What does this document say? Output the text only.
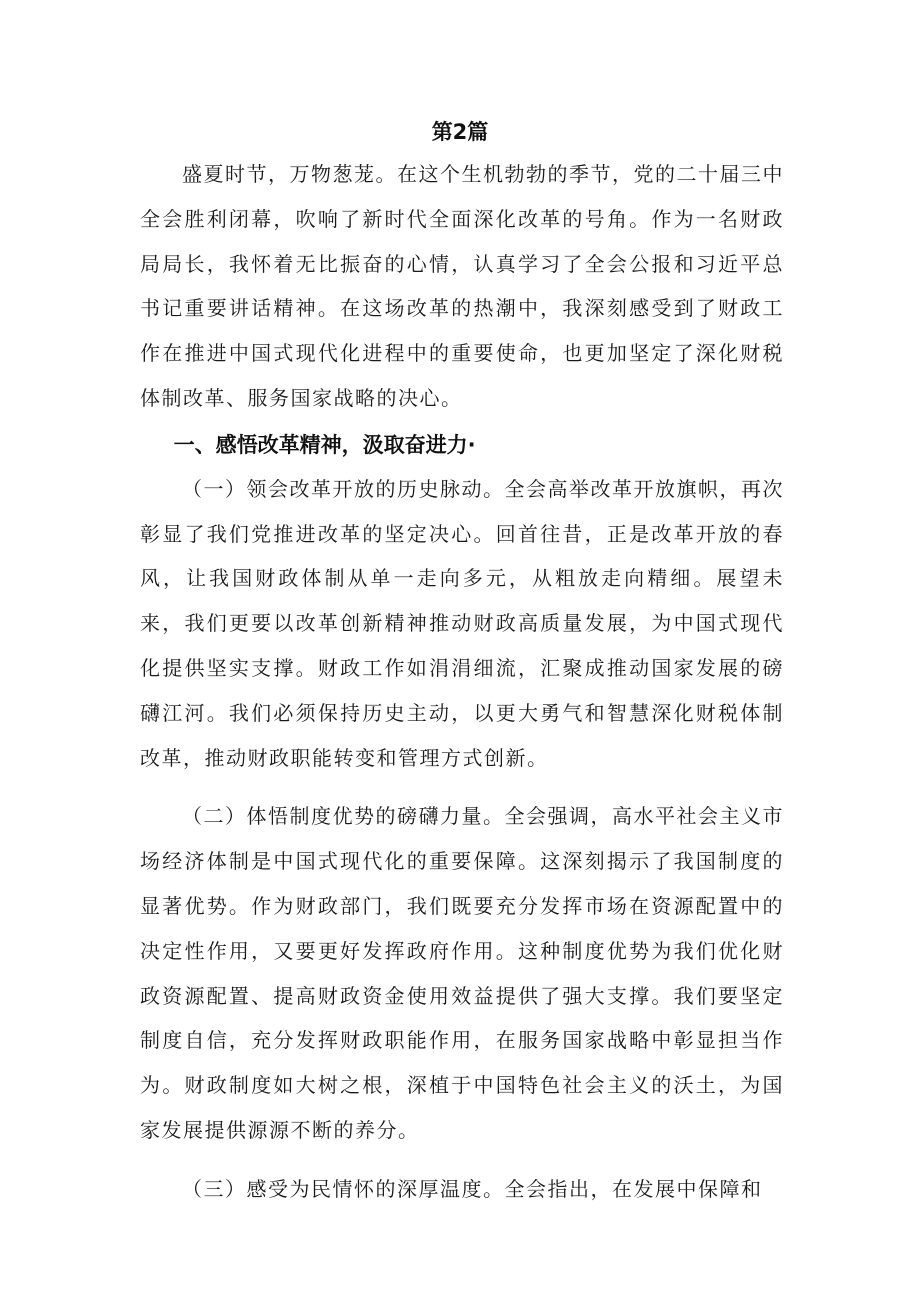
第2篇

盛夏时节，万物葱茏。在这个生机勃勃的季节，党的二十届三中全会胜利闭幕，吹响了新时代全面深化改革的号角。作为一名财政局局长，我怀着无比振奋的心情，认真学习了全会公报和习近平总书记重要讲话精神。在这场改革的热潮中，我深刻感受到了财政工作在推进中国式现代化进程中的重要使命，也更加坚定了深化财税体制改革、服务国家战略的决心。

一、感悟改革精神，汲取奋进力·

（一）领会改革开放的历史脉动。全会高举改革开放旗帜，再次彰显了我们党推进改革的坚定决心。回首往昔，正是改革开放的春风，让我国财政体制从单一走向多元，从粗放走向精细。展望未来，我们更要以改革创新精神推动财政高质量发展，为中国式现代化提供坚实支撑。财政工作如涓涓细流，汇聚成推动国家发展的磅礴江河。我们必须保持历史主动，以更大勇气和智慧深化财税体制改革，推动财政职能转变和管理方式创新。

（二）体悟制度优势的磅礴力量。全会强调，高水平社会主义市场经济体制是中国式现代化的重要保障。这深刻揭示了我国制度的显著优势。作为财政部门，我们既要充分发挥市场在资源配置中的决定性作用，又要更好发挥政府作用。这种制度优势为我们优化财政资源配置、提高财政资金使用效益提供了强大支撑。我们要坚定制度自信，充分发挥财政职能作用，在服务国家战略中彰显担当作为。财政制度如大树之根，深植于中国特色社会主义的沃土，为国家发展提供源源不断的养分。

（三）感受为民情怀的深厚温度。全会指出，在发展中保障和
